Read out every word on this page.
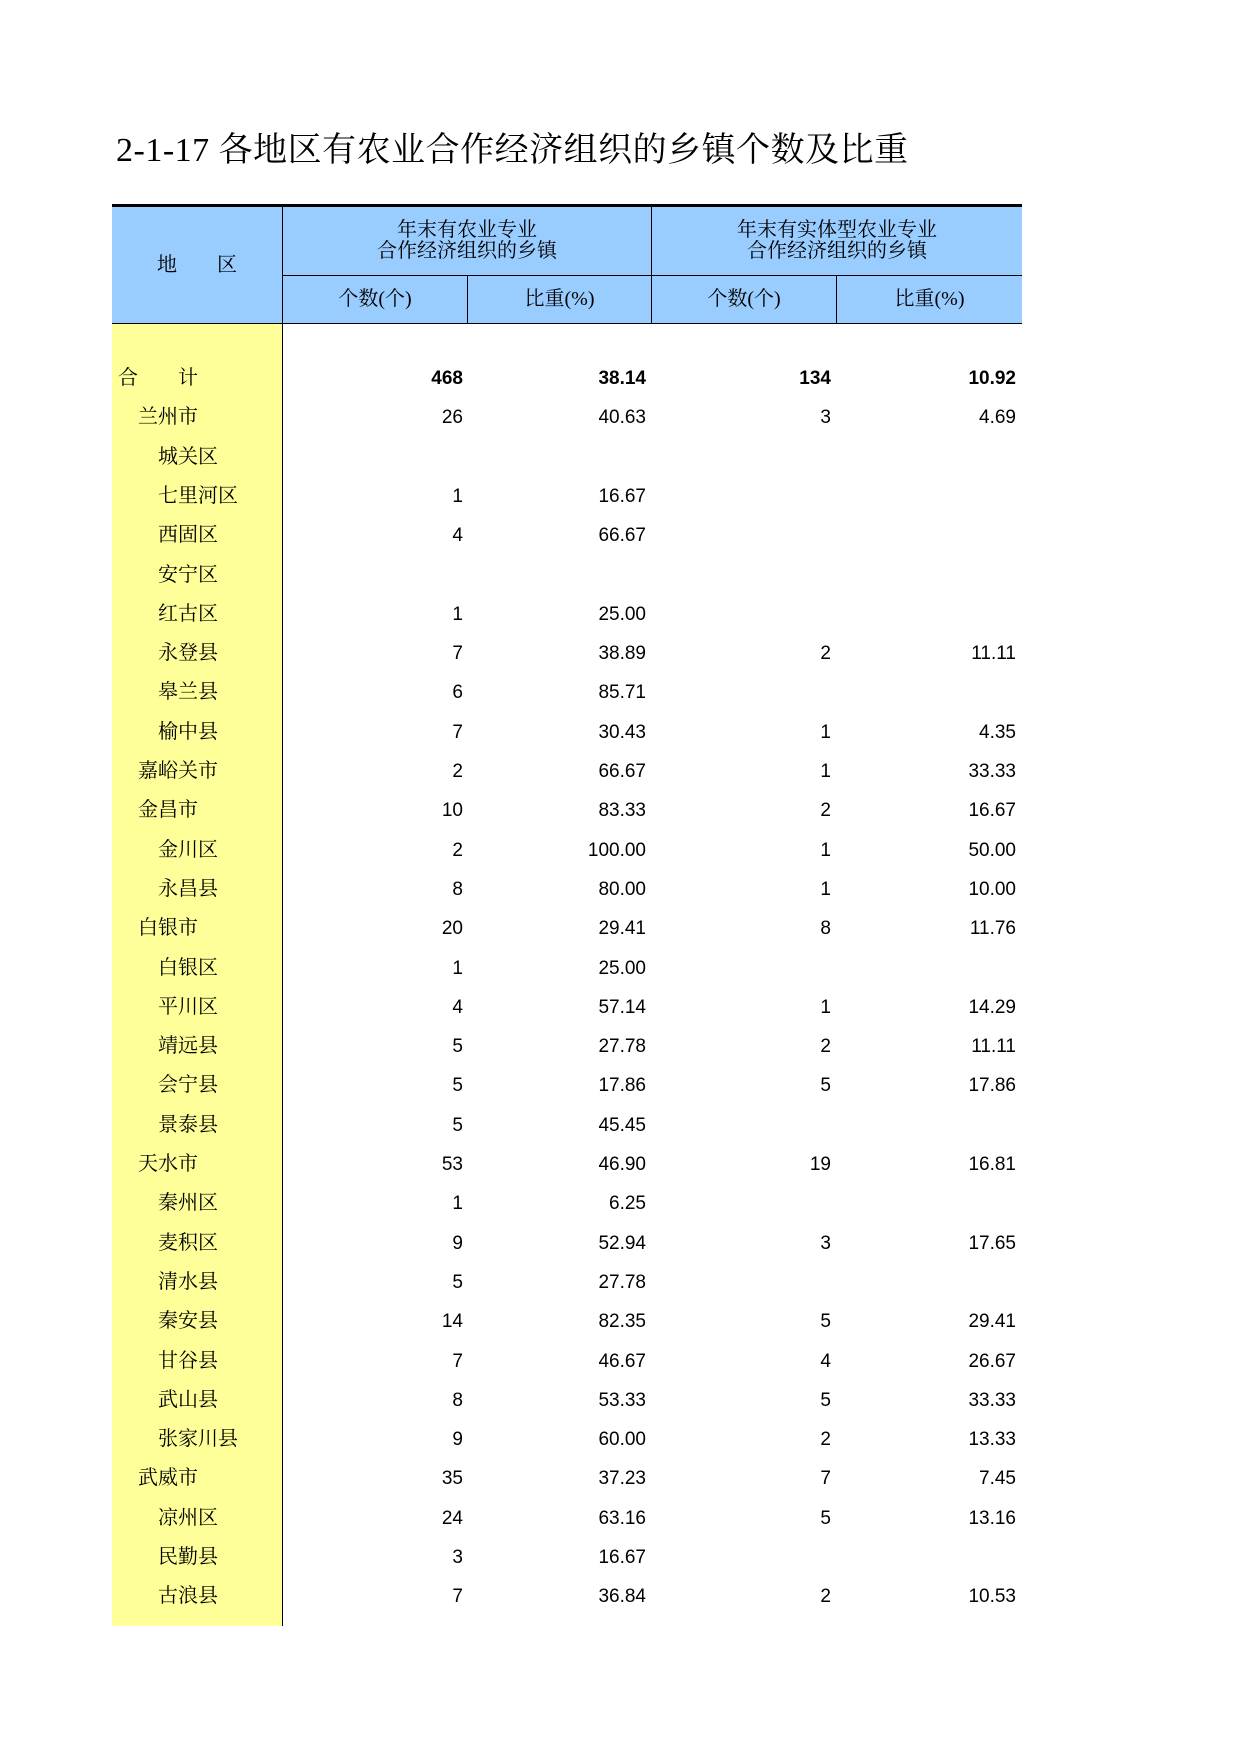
2-1-17 各地区有农业合作经济组织的乡镇个数及比重
地　　区
年末有农业专业
合作经济组织的乡镇
年末有实体型农业专业
合作经济组织的乡镇
个数(个)	比重(%)	个数(个)	比重(%)
合　　计	468	38.14	134	10.92
兰州市	26	40.63	3	4.69
城关区
七里河区	1	16.67
西固区	4	66.67
安宁区
红古区	1	25.00
永登县	7	38.89	2	11.11
皋兰县	6	85.71
榆中县	7	30.43	1	4.35
嘉峪关市	2	66.67	1	33.33
金昌市	10	83.33	2	16.67
金川区	2	100.00	1	50.00
永昌县	8	80.00	1	10.00
白银市	20	29.41	8	11.76
白银区	1	25.00
平川区	4	57.14	1	14.29
靖远县	5	27.78	2	11.11
会宁县	5	17.86	5	17.86
景泰县	5	45.45
天水市	53	46.90	19	16.81
秦州区	1	6.25
麦积区	9	52.94	3	17.65
清水县	5	27.78
秦安县	14	82.35	5	29.41
甘谷县	7	46.67	4	26.67
武山县	8	53.33	5	33.33
张家川县	9	60.00	2	13.33
武威市	35	37.23	7	7.45
凉州区	24	63.16	5	13.16
民勤县	3	16.67
古浪县	7	36.84	2	10.53
